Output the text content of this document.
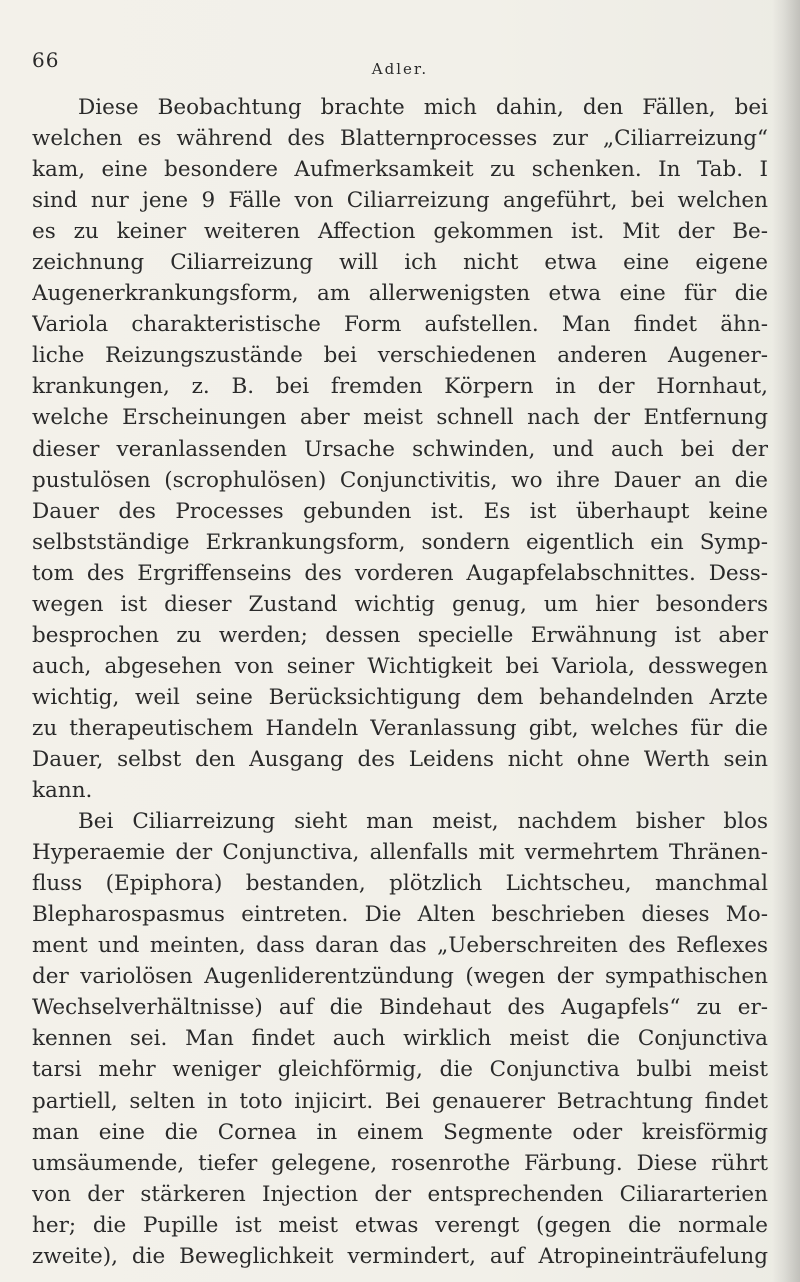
66	Adler.
Diese Beobachtung brachte mich dahin, den Fällen, bei
welchen es während des Blatternprocesses zur „Ciliarreizung“
kam, eine besondere Aufmerksamkeit zu schenken. In Tab. I
sind nur jene 9 Fälle von Ciliarreizung angeführt, bei welchen
es zu keiner weiteren Affection gekommen ist. Mit der Be-
zeichnung Ciliarreizung will ich nicht etwa eine eigene
Augenerkrankungsform, am allerwenigsten etwa eine für die
Variola charakteristische Form aufstellen. Man findet ähn-
liche Reizungszustände bei verschiedenen anderen Augener-
krankungen, z. B. bei fremden Körpern in der Hornhaut,
welche Erscheinungen aber meist schnell nach der Entfernung
dieser veranlassenden Ursache schwinden, und auch bei der
pustulösen (scrophulösen) Conjunctivitis, wo ihre Dauer an die
Dauer des Processes gebunden ist. Es ist überhaupt keine
selbstständige Erkrankungsform, sondern eigentlich ein Symp-
tom des Ergriffenseins des vorderen Augapfelabschnittes. Dess-
wegen ist dieser Zustand wichtig genug, um hier besonders
besprochen zu werden; dessen specielle Erwähnung ist aber
auch, abgesehen von seiner Wichtigkeit bei Variola, desswegen
wichtig, weil seine Berücksichtigung dem behandelnden Arzte
zu therapeutischem Handeln Veranlassung gibt, welches für die
Dauer, selbst den Ausgang des Leidens nicht ohne Werth sein
kann.
Bei Ciliarreizung sieht man meist, nachdem bisher blos
Hyperaemie der Conjunctiva, allenfalls mit vermehrtem Thränen-
fluss (Epiphora) bestanden, plötzlich Lichtscheu, manchmal
Blepharospasmus eintreten. Die Alten beschrieben dieses Mo-
ment und meinten, dass daran das „Ueberschreiten des Reflexes
der variolösen Augenliderentzündung (wegen der sympathischen
Wechselverhältnisse) auf die Bindehaut des Augapfels“ zu er-
kennen sei. Man findet auch wirklich meist die Conjunctiva
tarsi mehr weniger gleichförmig, die Conjunctiva bulbi meist
partiell, selten in toto injicirt. Bei genauerer Betrachtung findet
man eine die Cornea in einem Segmente oder kreisförmig
umsäumende, tiefer gelegene, rosenrothe Färbung. Diese rührt
von der stärkeren Injection der entsprechenden Ciliararterien
her; die Pupille ist meist etwas verengt (gegen die normale
zweite), die Beweglichkeit vermindert, auf Atropineinträufelung
